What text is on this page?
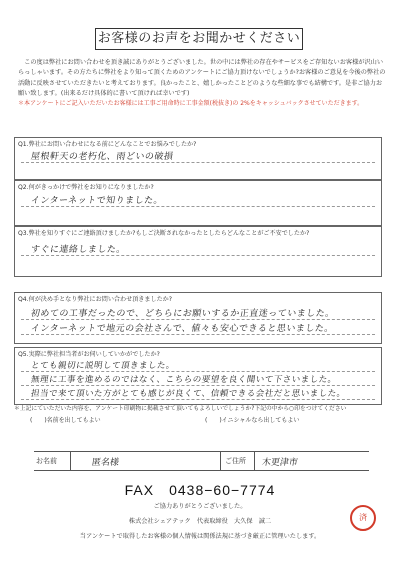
お客様のお声をお聞かせください

この度は弊社にお問い合わせを頂き誠にありがとうございました。世の中には弊社の存在やサービスをご存知ないお客様が沢山いらっしゃいます。その方たちに弊社をより知って頂くためのアンケートにご協力頂けないでしょうか?お客様のご意見を今後の弊社の活動に反映させていただきたいと考えております。良かったこと、嬉しかったことどのような些細な事でも結構です。是非ご協力お願い致します。(出来るだけ具体的に書いて頂ければ幸いです)

＊本アンケートにご記入いただいたお客様には工事ご用命時に工事金額(税抜き)の 2%をキャッシュバックさせていただきます。

Q1.弊社にお問い合わせになる前にどんなことでお悩みでしたか?
屋根軒天の老朽化、雨どいの破損
Q2.何がきっかけで弊社をお知りになりましたか?
インターネットで知りました。
Q3.弊社を知りすぐにご連絡頂けましたか?もしご決断されなかったとしたらどんなことがご不安でしたか?
すぐに連絡しました。
Q4.何が決め手となり弊社にお問い合わせ頂きましたか?
初めての工事だったので、どちらにお願いするか正直迷っていました。
インターネットで地元の会社さんで、値々も安心できると思いました。
Q5.実際に弊社担当者がお伺いしていかがでしたか?
とても親切に説明して頂きました。
無理に工事を進めるのではなく、こちらの要望を良く聞いて下さいました。
担当で来て頂いた方がとても感じが良くて、信頼できる会社だと思いました。
＊上記にていただいた内容を、アンケート印刷物に掲載させて頂いてもよろしいでしょうか?下記の中から○印をつけてください
(　　)名前を出してもよい	(　　)イニシャルなら出してもよい
お名前	匿名様	ご住所 木更津市
FAX　0438−60−7774
ご協力ありがとうございました。
株式会社シェアテック　代表取締役　大久保　誠二
当アンケートで取得したお客様の個人情報は関係法規に基づき厳正に管理いたします。
済
